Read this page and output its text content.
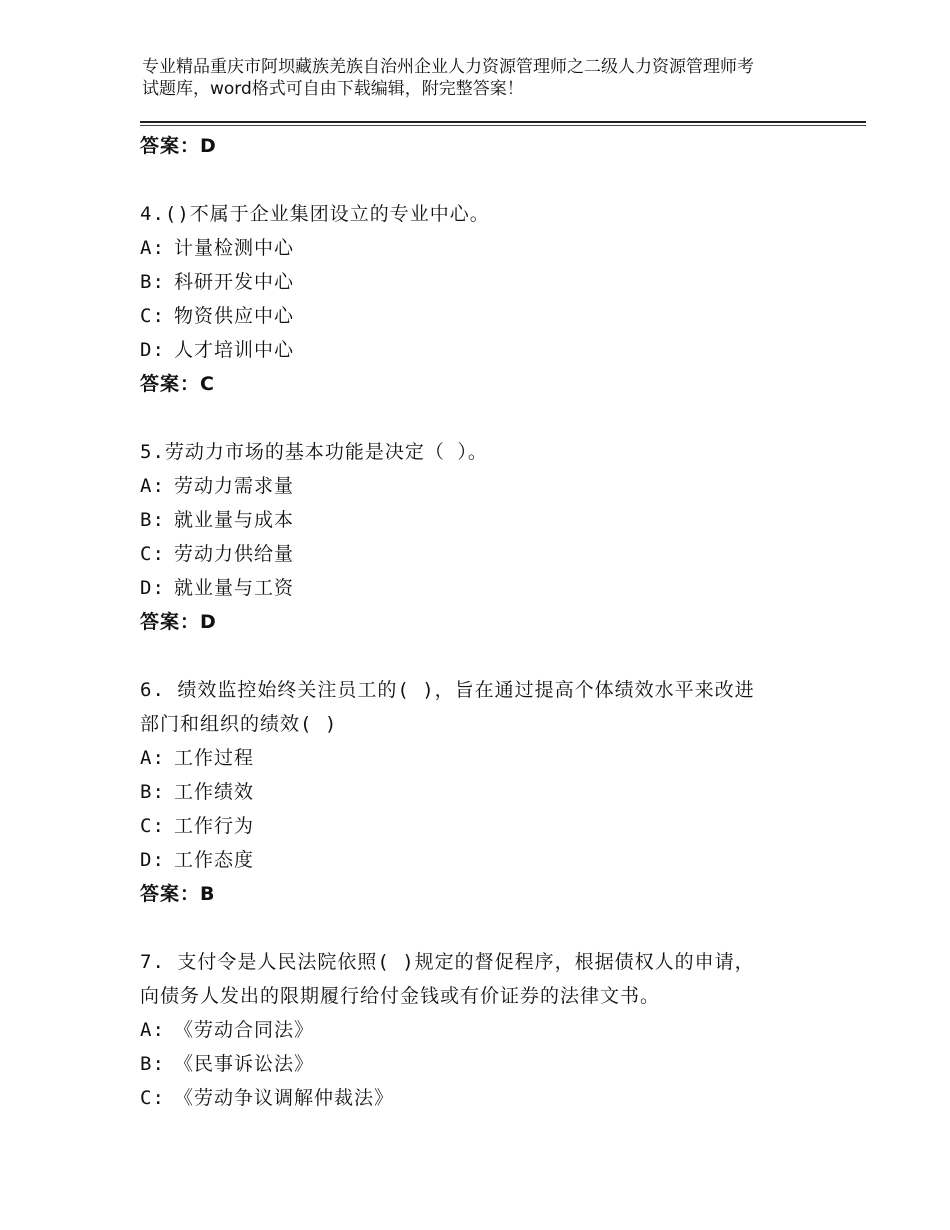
专业精品重庆市阿坝藏族羌族自治州企业人力资源管理师之二级人力资源管理师考
试题库，word格式可自由下载编辑，附完整答案！
答案：D
4.()不属于企业集团设立的专业中心。
A: 计量检测中心
B: 科研开发中心
C: 物资供应中心
D: 人才培训中心
答案：C
5.劳动力市场的基本功能是决定（ ）。
A: 劳动力需求量
B: 就业量与成本
C: 劳动力供给量
D: 就业量与工资
答案：D
6. 绩效监控始终关注员工的( )，旨在通过提高个体绩效水平来改进
部门和组织的绩效( )
A: 工作过程
B: 工作绩效
C: 工作行为
D: 工作态度
答案：B
7. 支付令是人民法院依照( )规定的督促程序，根据债权人的申请，
向债务人发出的限期履行给付金钱或有价证券的法律文书。
A: 《劳动合同法》
B: 《民事诉讼法》
C: 《劳动争议调解仲裁法》
